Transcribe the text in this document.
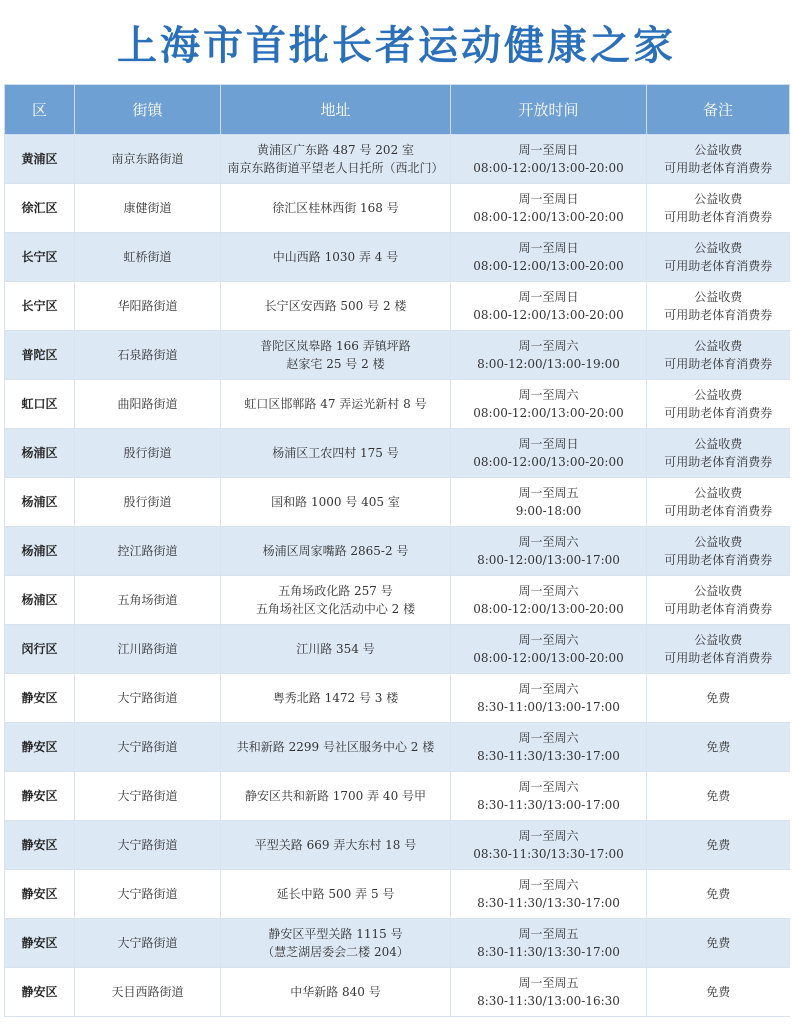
上海市首批长者运动健康之家
区	街镇	地址	开放时间	备注
黄浦区	南京东路街道	黄浦区广东路 487 号 202 室
南京东路街道平望老人日托所（西北门）	周一至周日
08:00-12:00/13:00-20:00	公益收费
可用助老体育消费券

徐汇区	康健街道	徐汇区桂林西街 168 号	周一至周日
08:00-12:00/13:00-20:00	公益收费
可用助老体育消费券

长宁区	虹桥街道	中山西路 1030 弄 4 号	周一至周日
08:00-12:00/13:00-20:00	公益收费
可用助老体育消费券

长宁区	华阳路街道	长宁区安西路 500 号 2 楼	周一至周日
08:00-12:00/13:00-20:00	公益收费
可用助老体育消费券

普陀区	石泉路街道	普陀区岚皋路 166 弄镇坪路
赵家宅 25 号 2 楼	周一至周六
8:00-12:00/13:00-19:00	公益收费
可用助老体育消费券

虹口区	曲阳路街道	虹口区邯郸路 47 弄运光新村 8 号	周一至周六
08:00-12:00/13:00-20:00	公益收费
可用助老体育消费券

杨浦区	殷行街道	杨浦区工农四村 175 号	周一至周日
08:00-12:00/13:00-20:00	公益收费
可用助老体育消费券

杨浦区	殷行街道	国和路 1000 号 405 室	周一至周五
9:00-18:00	公益收费
可用助老体育消费券

杨浦区	控江路街道	杨浦区周家嘴路 2865-2 号	周一至周六
8:00-12:00/13:00-17:00	公益收费
可用助老体育消费券

杨浦区	五角场街道	五角场政化路 257 号
五角场社区文化活动中心 2 楼	周一至周六
08:00-12:00/13:00-20:00	公益收费
可用助老体育消费券

闵行区	江川路街道	江川路 354 号	周一至周六
08:00-12:00/13:00-20:00	公益收费
可用助老体育消费券

静安区	大宁路街道	粤秀北路 1472 号 3 楼	周一至周六
8:30-11:00/13:00-17:00	免费

静安区	大宁路街道	共和新路 2299 号社区服务中心 2 楼	周一至周六
8:30-11:30/13:30-17:00	免费

静安区	大宁路街道	静安区共和新路 1700 弄 40 号甲	周一至周六
8:30-11:30/13:00-17:00	免费

静安区	大宁路街道	平型关路 669 弄大东村 18 号	周一至周六
08:30-11:30/13:30-17:00	免费

静安区	大宁路街道	延长中路 500 弄 5 号	周一至周六
8:30-11:30/13:30-17:00	免费

静安区	大宁路街道	静安区平型关路 1115 号
（慧芝湖居委会二楼 204）	周一至周五
8:30-11:30/13:30-17:00	免费

静安区	天目西路街道	中华新路 840 号	周一至周五
8:30-11:30/13:00-16:30	免费
